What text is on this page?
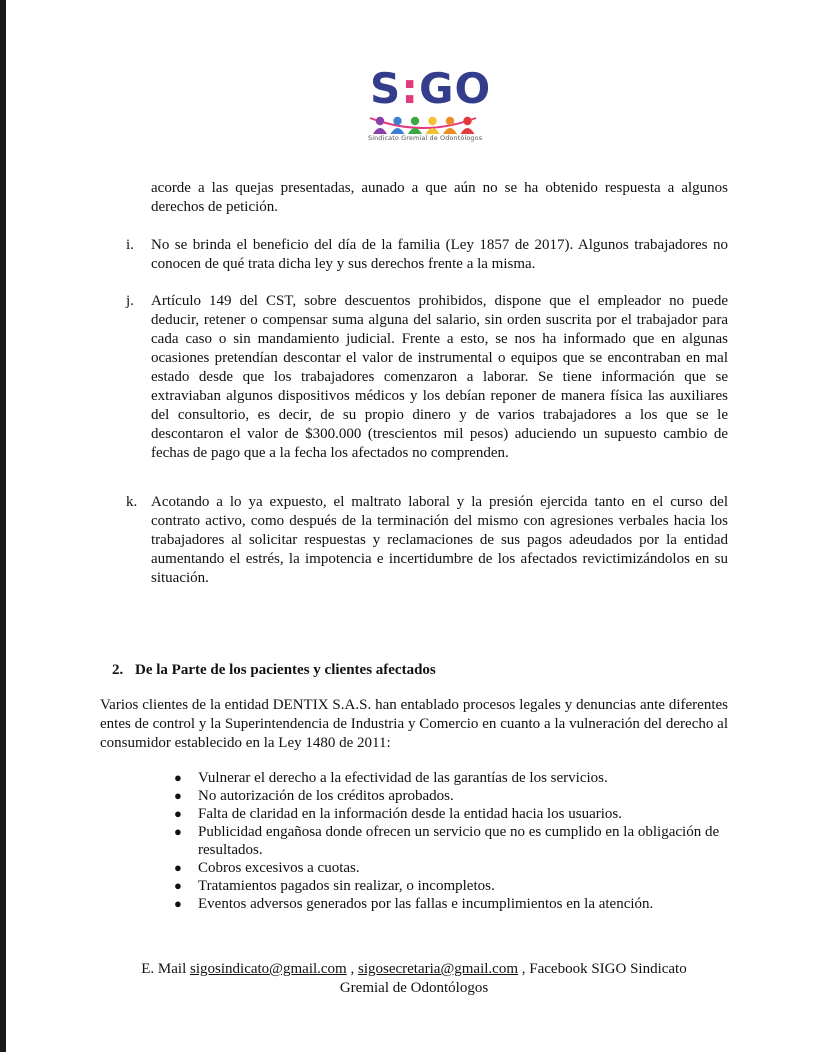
S:GO
Sindicato Gremial de Odontólogos
acorde a las quejas presentadas, aunado a que aún no se ha obtenido respuesta a algunos derechos de petición.
i. No se brinda el beneficio del día de la familia (Ley 1857 de 2017). Algunos trabajadores no conocen de qué trata dicha ley y sus derechos frente a la misma.
j. Artículo 149 del CST, sobre descuentos prohibidos, dispone que el empleador no puede deducir, retener o compensar suma alguna del salario, sin orden suscrita por el trabajador para cada caso o sin mandamiento judicial. Frente a esto, se nos ha informado que en algunas ocasiones pretendían descontar el valor de instrumental o equipos que se encontraban en mal estado desde que los trabajadores comenzaron a laborar. Se tiene información que se extraviaban algunos dispositivos médicos y los debían reponer de manera física las auxiliares del consultorio, es decir, de su propio dinero y de varios trabajadores a los que se le descontaron el valor de $300.000 (trescientos mil pesos) aduciendo un supuesto cambio de fechas de pago que a la fecha los afectados no comprenden.
k. Acotando a lo ya expuesto, el maltrato laboral y la presión ejercida tanto en el curso del contrato activo, como después de la terminación del mismo con agresiones verbales hacia los trabajadores al solicitar respuestas y reclamaciones de sus pagos adeudados por la entidad aumentando el estrés, la impotencia e incertidumbre de los afectados revictimizándolos en su situación.
2. De la Parte de los pacientes y clientes afectados
Varios clientes de la entidad DENTIX S.A.S. han entablado procesos legales y denuncias ante diferentes entes de control y la Superintendencia de Industria y Comercio en cuanto a la vulneración del derecho al consumidor establecido en la Ley 1480 de 2011:
● Vulnerar el derecho a la efectividad de las garantías de los servicios.
● No autorización de los créditos aprobados.
● Falta de claridad en la información desde la entidad hacia los usuarios.
● Publicidad engañosa donde ofrecen un servicio que no es cumplido en la obligación de resultados.
● Cobros excesivos a cuotas.
● Tratamientos pagados sin realizar, o incompletos.
● Eventos adversos generados por las fallas e incumplimientos en la atención.
E. Mail sigosindicato@gmail.com , sigosecretaria@gmail.com , Facebook SIGO Sindicato
Gremial de Odontólogos
